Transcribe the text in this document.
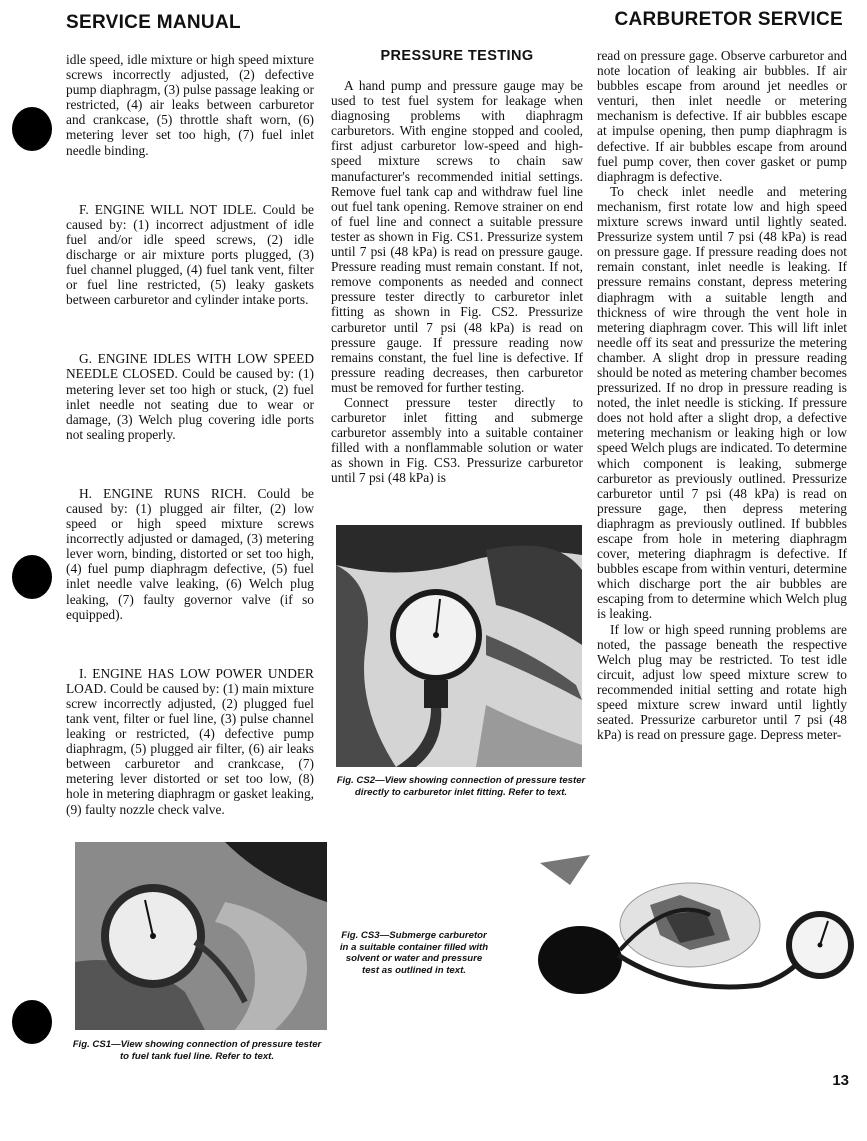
SERVICE MANUAL	CARBURETOR SERVICE

idle speed, idle mixture or high speed mixture screws incorrectly adjusted, (2) defective pump diaphragm, (3) pulse passage leaking or restricted, (4) air leaks between carburetor and crankcase, (5) throttle shaft worn, (6) metering lever set too high, (7) fuel inlet needle binding.

F. ENGINE WILL NOT IDLE. Could be caused by: (1) incorrect adjustment of idle fuel and/or idle speed screws, (2) idle discharge or air mixture ports plugged, (3) fuel channel plugged, (4) fuel tank vent, filter or fuel line restricted, (5) leaky gaskets between carburetor and cylinder intake ports.

G. ENGINE IDLES WITH LOW SPEED NEEDLE CLOSED. Could be caused by: (1) metering lever set too high or stuck, (2) fuel inlet needle not seating due to wear or damage, (3) Welch plug covering idle ports not sealing properly.

H. ENGINE RUNS RICH. Could be caused by: (1) plugged air filter, (2) low speed or high speed mixture screws incorrectly adjusted or damaged, (3) metering lever worn, binding, distorted or set too high, (4) fuel pump diaphragm defective, (5) fuel inlet needle valve leaking, (6) Welch plug leaking, (7) faulty governor valve (if so equipped).

I. ENGINE HAS LOW POWER UNDER LOAD. Could be caused by: (1) main mixture screw incorrectly adjusted, (2) plugged fuel tank vent, filter or fuel line, (3) pulse channel leaking or restricted, (4) defective pump diaphragm, (5) plugged air filter, (6) air leaks between carburetor and crankcase, (7) metering lever distorted or set too low, (8) hole in metering diaphragm or gasket leaking, (9) faulty nozzle check valve.

PRESSURE TESTING

A hand pump and pressure gauge may be used to test fuel system for leakage when diagnosing problems with diaphragm carburetors. With engine stopped and cooled, first adjust carburetor low-speed and high-speed mixture screws to chain saw manufacturer's recommended initial settings. Remove fuel tank cap and withdraw fuel line out fuel tank opening. Remove strainer on end of fuel line and connect a suitable pressure tester as shown in Fig. CS1. Pressurize system until 7 psi (48 kPa) is read on pressure gauge. Pressure reading must remain constant. If not, remove components as needed and connect pressure tester directly to carburetor inlet fitting as shown in Fig. CS2. Pressurize carburetor until 7 psi (48 kPa) is read on pressure gauge. If pressure reading now remains constant, the fuel line is defective. If pressure reading decreases, then carburetor must be removed for further testing.

Connect pressure tester directly to carburetor inlet fitting and submerge carburetor assembly into a suitable container filled with a nonflammable solution or water as shown in Fig. CS3. Pressurize carburetor until 7 psi (48 kPa) is

read on pressure gage. Observe carburetor and note location of leaking air bubbles. If air bubbles escape from around jet needles or venturi, then inlet needle or metering mechanism is defective. If air bubbles escape at impulse opening, then pump diaphragm is defective. If air bubbles escape from around fuel pump cover, then cover gasket or pump diaphragm is defective.

To check inlet needle and metering mechanism, first rotate low and high speed mixture screws inward until lightly seated. Pressurize system until 7 psi (48 kPa) is read on pressure gage. If pressure reading does not remain constant, inlet needle is leaking. If pressure remains constant, depress metering diaphragm with a suitable length and thickness of wire through the vent hole in metering diaphragm cover. This will lift inlet needle off its seat and pressurize the metering chamber. A slight drop in pressure reading should be noted as metering chamber becomes pressurized. If no drop in pressure reading is noted, the inlet needle is sticking. If pressure does not hold after a slight drop, a defective metering mechanism or leaking high or low speed Welch plugs are indicated. To determine which component is leaking, submerge carburetor as previously outlined. Pressurize carburetor until 7 psi (48 kPa) is read on pressure gage, then depress metering diaphragm as previously outlined. If bubbles escape from hole in metering diaphragm cover, metering diaphragm is defective. If bubbles escape from within venturi, determine which discharge port the air bubbles are escaping from to determine which Welch plug is leaking.

If low or high speed running problems are noted, the passage beneath the respective Welch plug may be restricted. To test idle circuit, adjust low speed mixture screw to recommended initial setting and rotate high speed mixture screw inward until lightly seated. Pressurize carburetor until 7 psi (48 kPa) is read on pressure gage. Depress meter-

Fig. CS2—View showing connection of pressure tester directly to carburetor inlet fitting. Refer to text.
Fig. CS1—View showing connection of pressure tester to fuel tank fuel line. Refer to text.
Fig. CS3—Submerge carburetor in a suitable container filled with solvent or water and pressure test as outlined in text.
13
